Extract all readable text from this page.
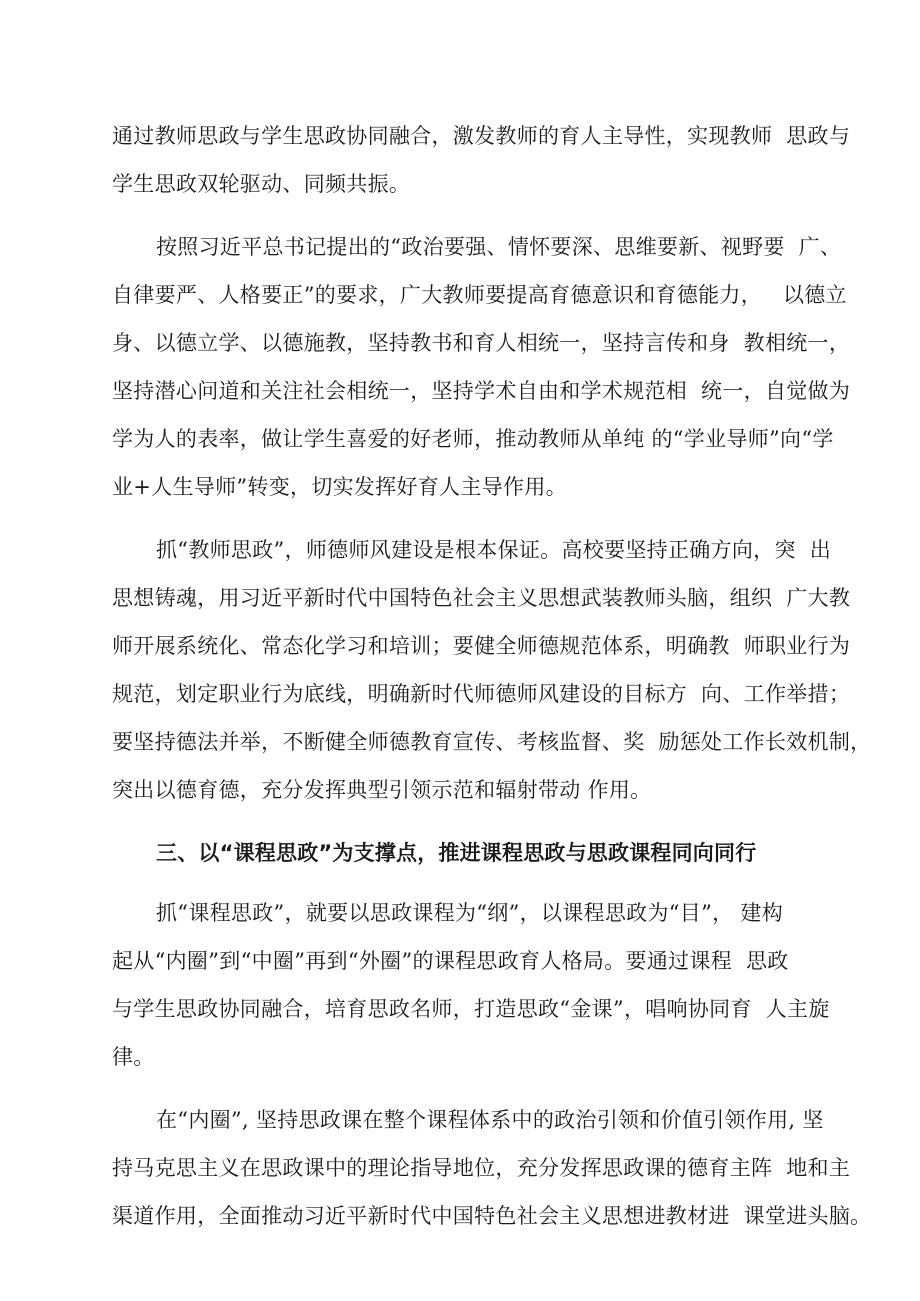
通过教师思政与学生思政协同融合，激发教师的育人主导性，实现教师  思政与
学生思政双轮驱动、同频共振。
按照习近平总书记提出的“政治要强、情怀要深、思维要新、视野要  广、
自律要严、人格要正”的要求，广大教师要提高育德意识和育德能力，   以德立
身、以德立学、以德施教，坚持教书和育人相统一，坚持言传和身  教相统一，
坚持潜心问道和关注社会相统一，坚持学术自由和学术规范相  统一，自觉做为
学为人的表率，做让学生喜爱的好老师，推动教师从单纯 的“学业导师”向“学
业+人生导师”转变，切实发挥好育人主导作用。
抓“教师思政”，师德师风建设是根本保证。高校要坚持正确方向，突  出
思想铸魂，用习近平新时代中国特色社会主义思想武装教师头脑，组织  广大教
师开展系统化、常态化学习和培训；要健全师德规范体系，明确教  师职业行为
规范，划定职业行为底线，明确新时代师德师风建设的目标方  向、工作举措；
要坚持德法并举，不断健全师德教育宣传、考核监督、奖  励惩处工作长效机制，
突出以德育德，充分发挥典型引领示范和辐射带动 作用。
三、以“课程思政”为支撑点，推进课程思政与思政课程同向同行
抓“课程思政”，就要以思政课程为“纲”，以课程思政为“目”， 建构
起从“内圈”到“中圈”再到“外圈”的课程思政育人格局。要通过课程  思政
与学生思政协同融合，培育思政名师，打造思政“金课”，唱响协同育  人主旋
律。
在“内圈”, 坚持思政课在整个课程体系中的政治引领和价值引领作用, 坚
持马克思主义在思政课中的理论指导地位，充分发挥思政课的德育主阵  地和主
渠道作用，全面推动习近平新时代中国特色社会主义思想进教材进  课堂进头脑。
